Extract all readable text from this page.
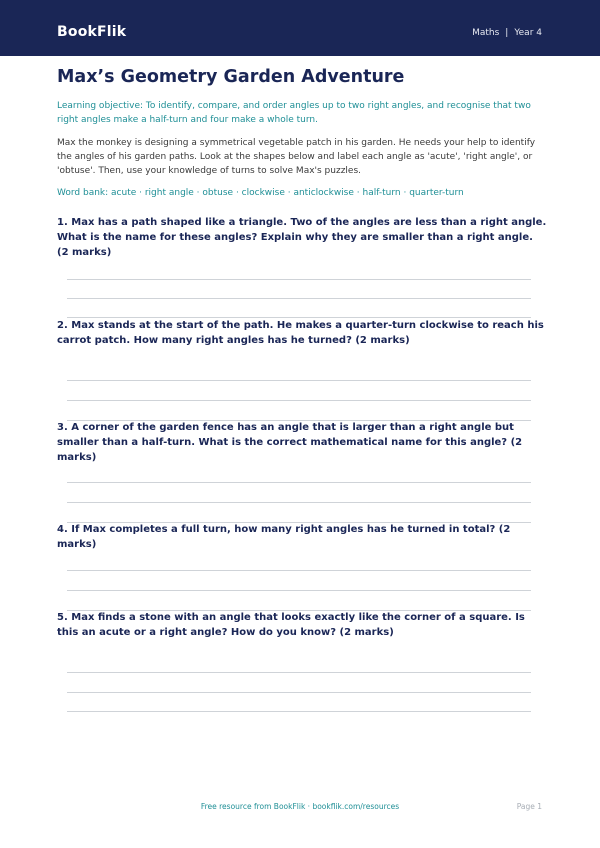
BookFlik	Maths | Year 4
Max’s Geometry Garden Adventure
Learning objective: To identify, compare, and order angles up to two right angles, and recognise that two right angles make a half-turn and four make a whole turn.
Max the monkey is designing a symmetrical vegetable patch in his garden. He needs your help to identify the angles of his garden paths. Look at the shapes below and label each angle as 'acute', 'right angle', or 'obtuse'. Then, use your knowledge of turns to solve Max's puzzles.
Word bank: acute · right angle · obtuse · clockwise · anticlockwise · half-turn · quarter-turn
1. Max has a path shaped like a triangle. Two of the angles are less than a right angle. What is the name for these angles? Explain why they are smaller than a right angle. (2 marks)
2. Max stands at the start of the path. He makes a quarter-turn clockwise to reach his carrot patch. How many right angles has he turned? (2 marks)
3. A corner of the garden fence has an angle that is larger than a right angle but smaller than a half-turn. What is the correct mathematical name for this angle? (2 marks)
4. If Max completes a full turn, how many right angles has he turned in total? (2 marks)
5. Max finds a stone with an angle that looks exactly like the corner of a square. Is this an acute or a right angle? How do you know? (2 marks)
Free resource from BookFlik · bookflik.com/resources	Page 1
